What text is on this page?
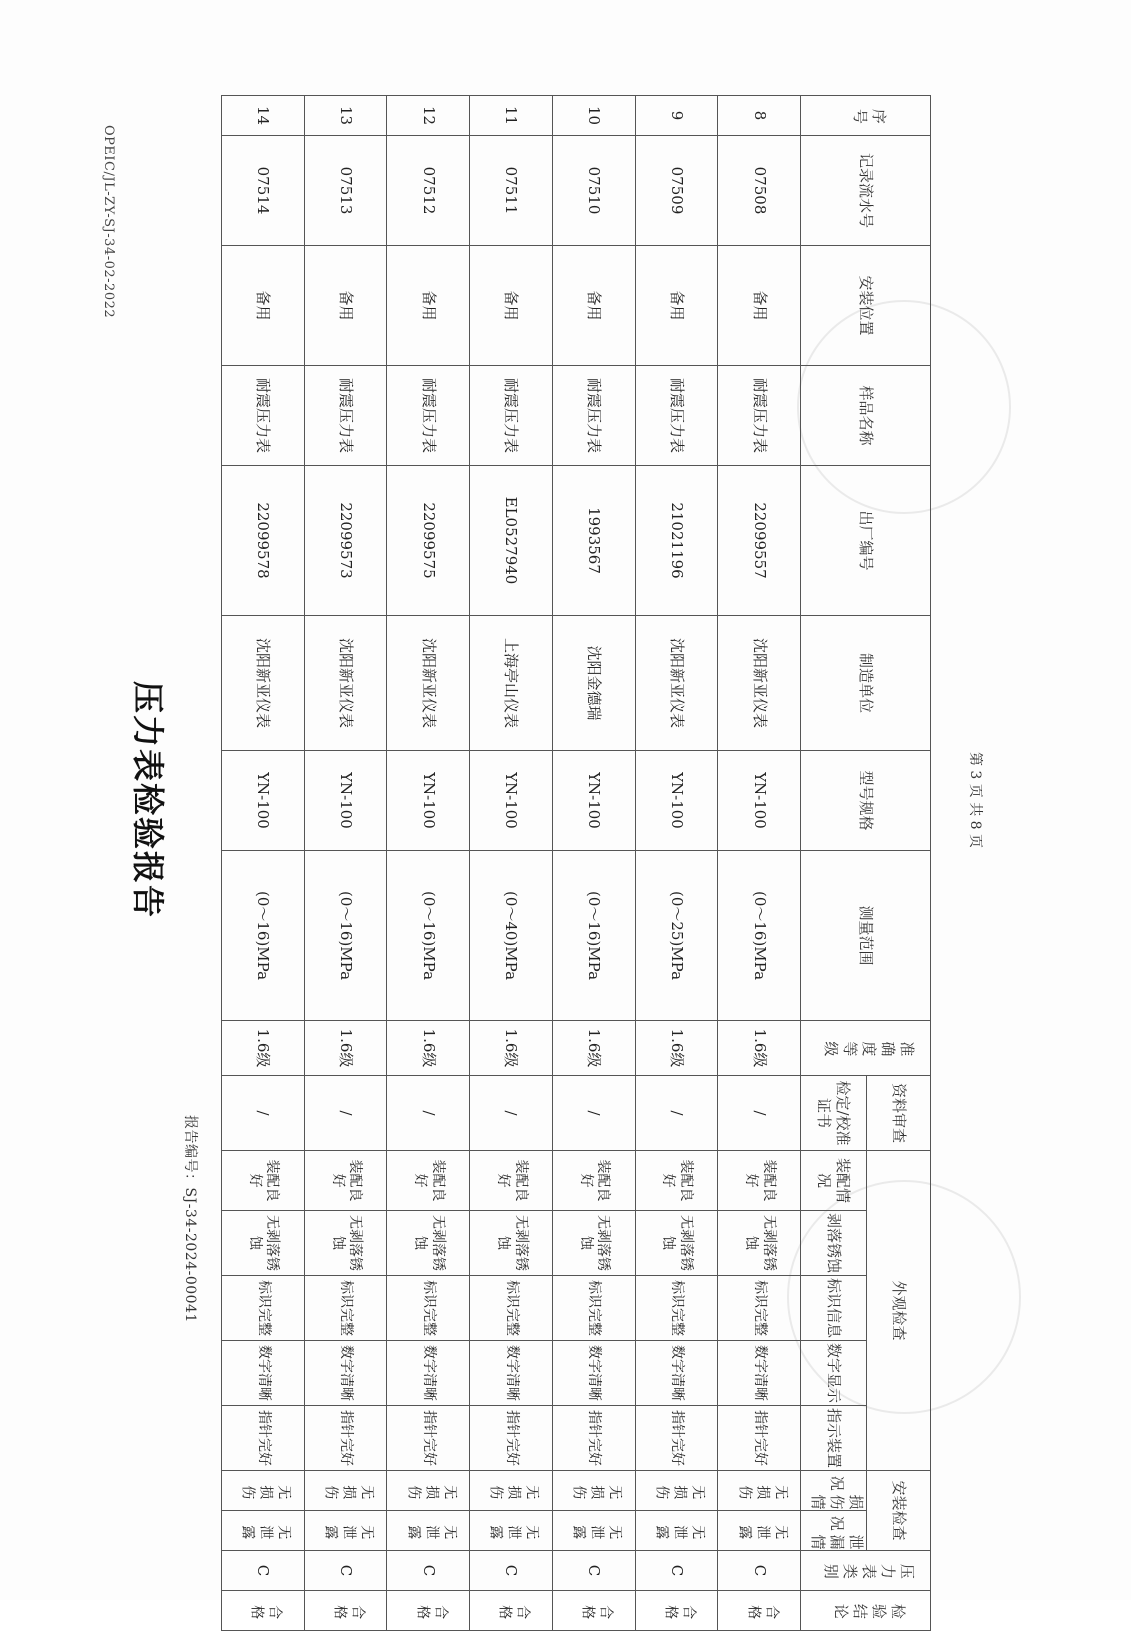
压力表检验报告
OPEIC/JL-ZY-SJ-34-02-2022
报告编号：SJ-34-2024-00041
序号	记录流水号	安装位置	样品名称	出厂编号	制造单位	型号规格	测量范围	准确度等级	资料审查	外观检查					安装检查		压力表类别	检验结论
									检定/校准证书	装配情况	剥落锈蚀	标识信息	数字显示	指示装置	损伤情况	泄漏情况		
8	07508	备用	耐震压力表	22099557	沈阳新亚仪表	YN-100	(0～16)MPa	1.6级	/	装配良好	无剥落锈蚀	标识完整	数字清晰	指针完好	无损伤	无泄露	C	合格
9	07509	备用	耐震压力表	21021196	沈阳新亚仪表	YN-100	(0～25)MPa	1.6级	/	装配良好	无剥落锈蚀	标识完整	数字清晰	指针完好	无损伤	无泄露	C	合格
10	07510	备用	耐震压力表	1993567	沈阳金德瑞	YN-100	(0～16)MPa	1.6级	/	装配良好	无剥落锈蚀	标识完整	数字清晰	指针完好	无损伤	无泄露	C	合格
11	07511	备用	耐震压力表	EL0527940	上海亭山仪表	YN-100	(0～40)MPa	1.6级	/	装配良好	无剥落锈蚀	标识完整	数字清晰	指针完好	无损伤	无泄露	C	合格
12	07512	备用	耐震压力表	22099575	沈阳新亚仪表	YN-100	(0～16)MPa	1.6级	/	装配良好	无剥落锈蚀	标识完整	数字清晰	指针完好	无损伤	无泄露	C	合格
13	07513	备用	耐震压力表	22099573	沈阳新亚仪表	YN-100	(0～16)MPa	1.6级	/	装配良好	无剥落锈蚀	标识完整	数字清晰	指针完好	无损伤	无泄露	C	合格
14	07514	备用	耐震压力表	22099578	沈阳新亚仪表	YN-100	(0～16)MPa	1.6级	/	装配良好	无剥落锈蚀	标识完整	数字清晰	指针完好	无损伤	无泄露	C	合格
第 3 页 共 8 页
